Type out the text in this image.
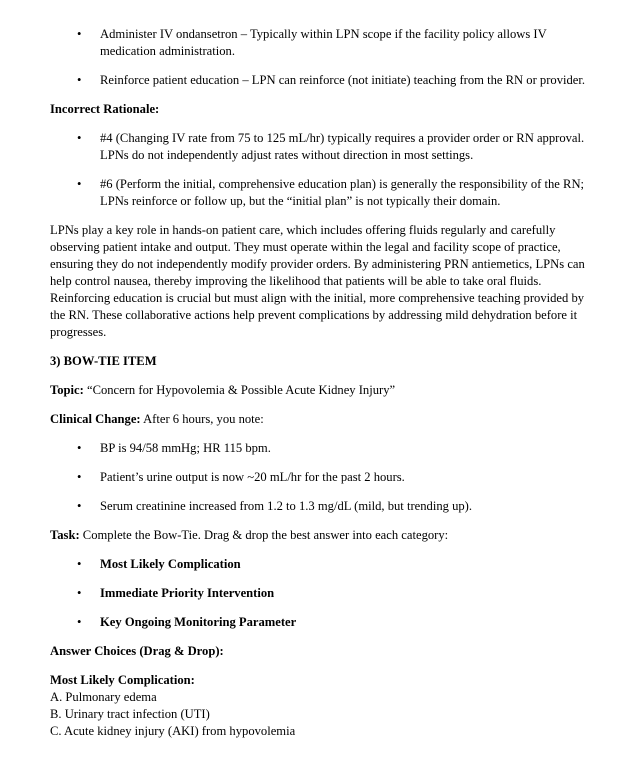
•	Administer IV ondansetron – Typically within LPN scope if the facility policy allows IV medication administration.
•	Reinforce patient education – LPN can reinforce (not initiate) teaching from the RN or provider.

Incorrect Rationale:

•	#4 (Changing IV rate from 75 to 125 mL/hr) typically requires a provider order or RN approval. LPNs do not independently adjust rates without direction in most settings.
•	#6 (Perform the initial, comprehensive education plan) is generally the responsibility of the RN; LPNs reinforce or follow up, but the “initial plan” is not typically their domain.

LPNs play a key role in hands-on patient care, which includes offering fluids regularly and carefully observing patient intake and output. They must operate within the legal and facility scope of practice, ensuring they do not independently modify provider orders. By administering PRN antiemetics, LPNs can help control nausea, thereby improving the likelihood that patients will be able to take oral fluids. Reinforcing education is crucial but must align with the initial, more comprehensive teaching provided by the RN. These collaborative actions help prevent complications by addressing mild dehydration before it progresses.

3) BOW-TIE ITEM

Topic: “Concern for Hypovolemia & Possible Acute Kidney Injury”

Clinical Change: After 6 hours, you note:

•	BP is 94/58 mmHg; HR 115 bpm.
•	Patient’s urine output is now ~20 mL/hr for the past 2 hours.
•	Serum creatinine increased from 1.2 to 1.3 mg/dL (mild, but trending up).

Task: Complete the Bow-Tie. Drag & drop the best answer into each category:

•	Most Likely Complication
•	Immediate Priority Intervention
•	Key Ongoing Monitoring Parameter

Answer Choices (Drag & Drop):

Most Likely Complication:

A. Pulmonary edema

B. Urinary tract infection (UTI)

C. Acute kidney injury (AKI) from hypovolemia
